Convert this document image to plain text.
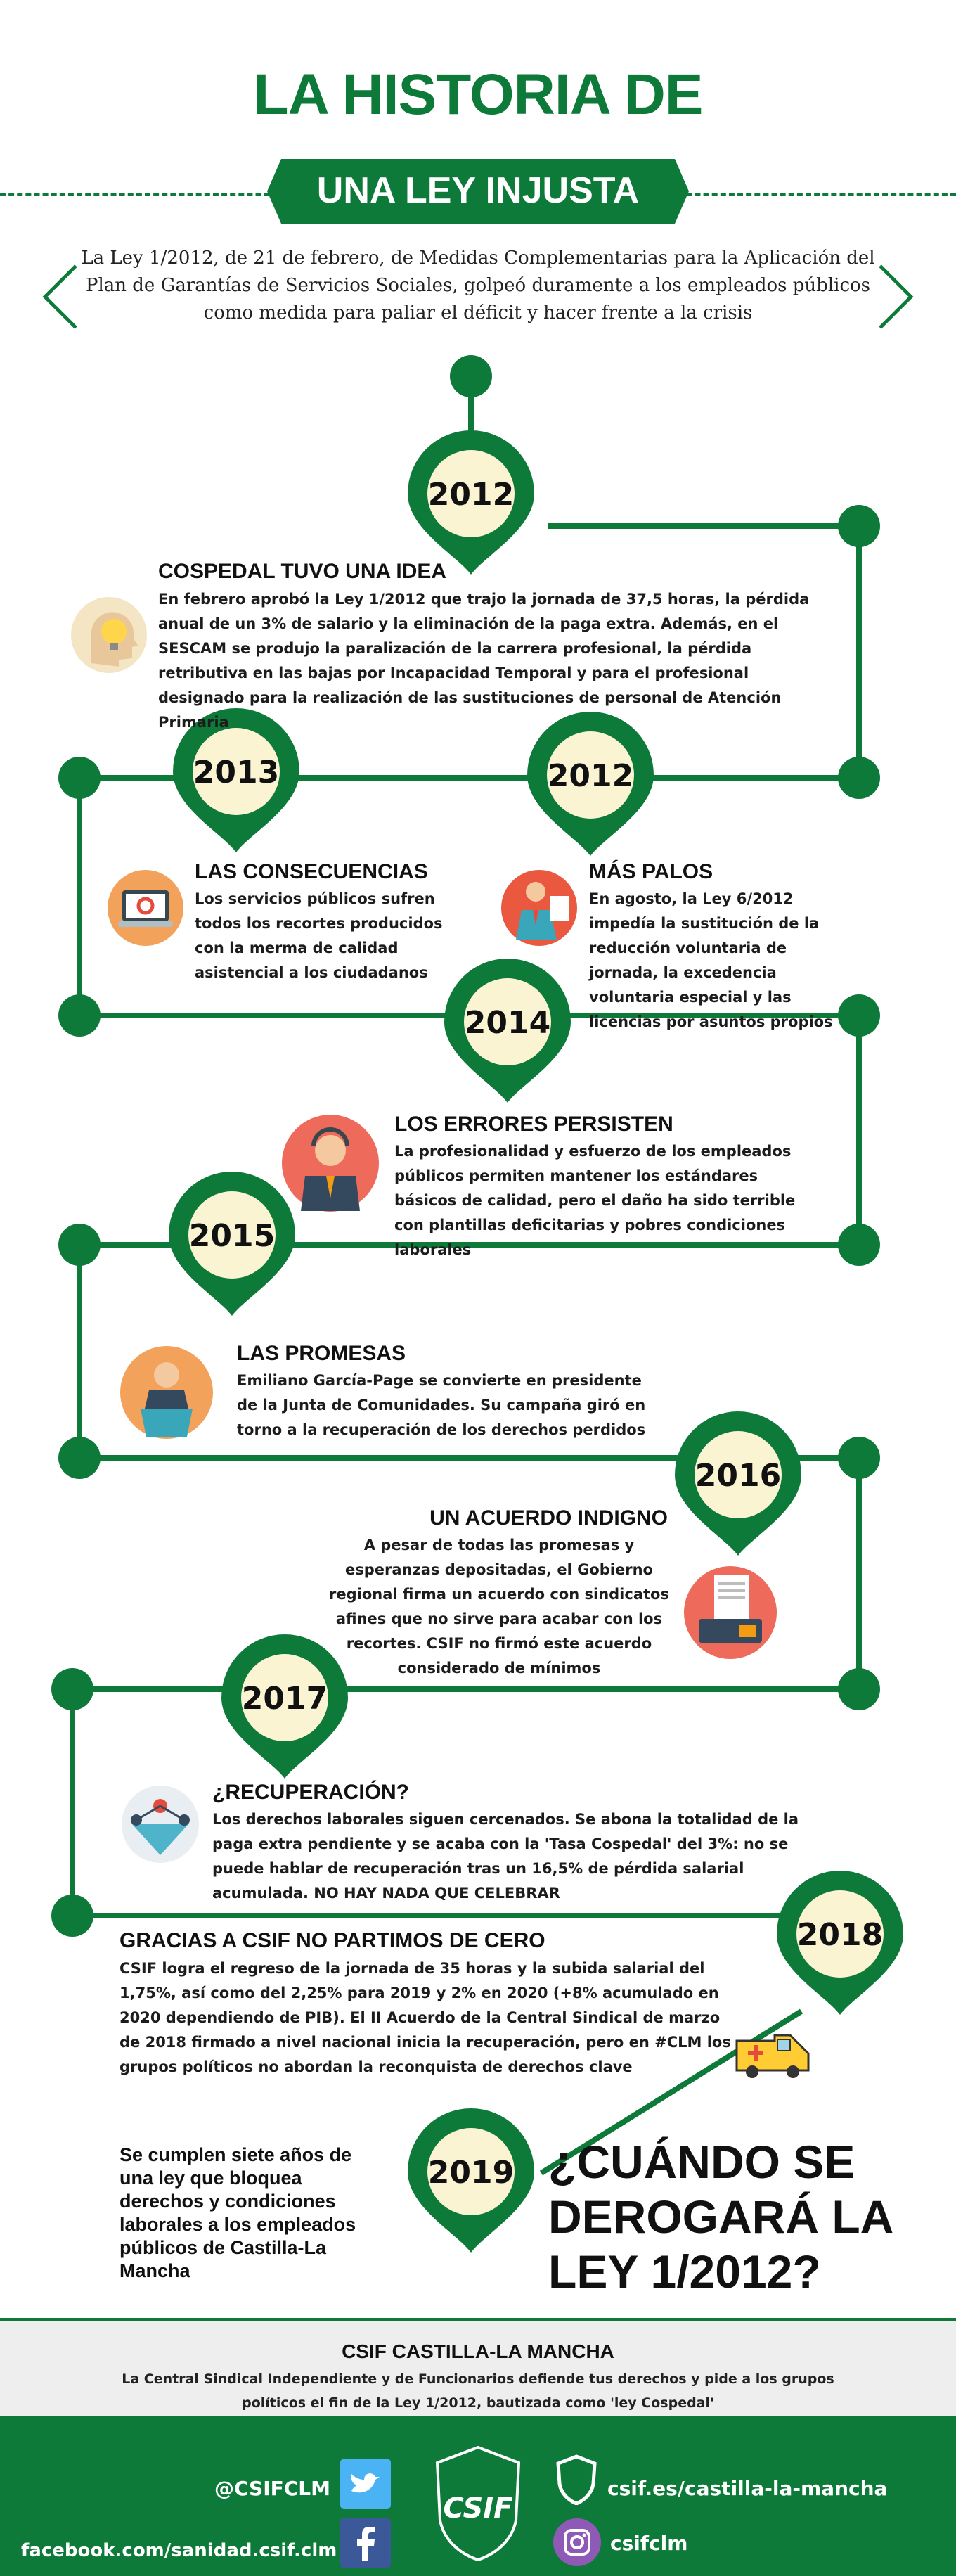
LA HISTORIA DE
UNA LEY INJUSTA
La Ley 1/2012, de 21 de febrero, de Medidas Complementarias para la Aplicación del Plan de Garantías de Servicios Sociales, golpeó duramente a los empleados públicos como medida para paliar el déficit y hacer frente a la crisis
2012
2013	2012
2014
2015
2016
2017
2018
2019
COSPEDAL TUVO UNA IDEA
En febrero aprobó la Ley 1/2012 que trajo la jornada de 37,5 horas, la pérdida anual de un 3% de salario y la eliminación de la paga extra. Además, en el SESCAM se produjo la paralización de la carrera profesional, la pérdida retributiva en las bajas por Incapacidad Temporal y para el profesional designado para la realización de las sustituciones de personal de Atención Primaria
LAS CONSECUENCIAS
Los servicios públicos sufren todos los recortes producidos con la merma de calidad asistencial a los ciudadanos
MÁS PALOS
En agosto, la Ley 6/2012 impedía la sustitución de la reducción voluntaria de jornada, la excedencia voluntaria especial y las licencias por asuntos propios
LOS ERRORES PERSISTEN
La profesionalidad y esfuerzo de los empleados públicos permiten mantener los estándares básicos de calidad, pero el daño ha sido terrible con plantillas deficitarias y pobres condiciones laborales
LAS PROMESAS
Emiliano García-Page se convierte en presidente de la Junta de Comunidades. Su campaña giró en torno a la recuperación de los derechos perdidos
UN ACUERDO INDIGNO
A pesar de todas las promesas y esperanzas depositadas, el Gobierno regional firma un acuerdo con sindicatos afines que no sirve para acabar con los recortes. CSIF no firmó este acuerdo considerado de mínimos
¿RECUPERACIÓN?
Los derechos laborales siguen cercenados. Se abona la totalidad de la paga extra pendiente y se acaba con la 'Tasa Cospedal' del 3%: no se puede hablar de recuperación tras un 16,5% de pérdida salarial acumulada. NO HAY NADA QUE CELEBRAR
GRACIAS A CSIF NO PARTIMOS DE CERO
CSIF logra el regreso de la jornada de 35 horas y la subida salarial del 1,75%, así como del 2,25% para 2019 y 2% en 2020 (+8% acumulado en 2020 dependiendo de PIB). El II Acuerdo de la Central Sindical de marzo de 2018 firmado a nivel nacional inicia la recuperación, pero en #CLM los grupos políticos no abordan la reconquista de derechos clave
Se cumplen siete años de una ley que bloquea derechos y condiciones laborales a los empleados públicos de Castilla-La Mancha
¿CUÁNDO SE DEROGARÁ LA LEY 1/2012?
CSIF CASTILLA-LA MANCHA
La Central Sindical Independiente y de Funcionarios defiende tus derechos y pide a los grupos políticos el fin de la Ley 1/2012, bautizada como 'ley Cospedal'
@CSIFCLM
facebook.com/sanidad.csif.clm
CSIF
csif.es/castilla-la-mancha
csifclm
